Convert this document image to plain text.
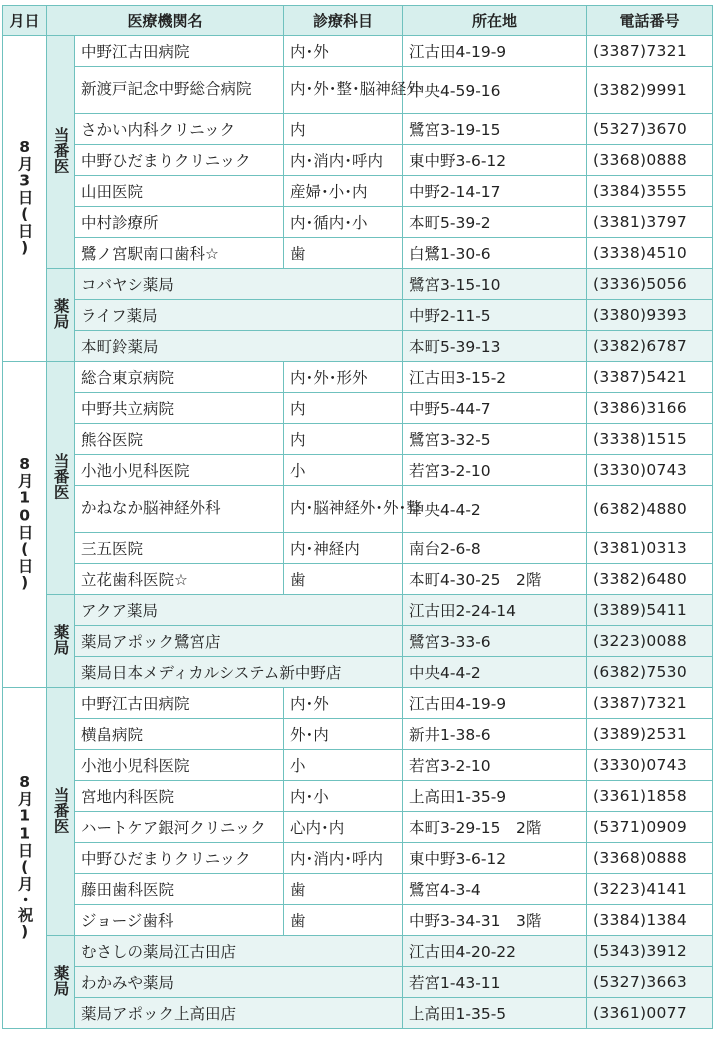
月日	医療機関名		診療科目	所在地	電話番号
8月3日(日)	当番医	中野江古田病院	内･外	江古田4-19-9	(3387)7321
		新渡戸記念中野総合病院	内･外･整･脳神経外	中央4-59-16	(3382)9991
		さかい内科クリニック	内	鷺宮3-19-15	(5327)3670
		中野ひだまりクリニック	内･消内･呼内	東中野3-6-12	(3368)0888
		山田医院	産婦･小･内	中野2-14-17	(3384)3555
		中村診療所	内･循内･小	本町5-39-2	(3381)3797
		鷺ノ宮駅南口歯科☆	歯	白鷺1-30-6	(3338)4510
	薬局	コバヤシ薬局		鷺宮3-15-10	(3336)5056
		ライフ薬局		中野2-11-5	(3380)9393
		本町鈴薬局		本町5-39-13	(3382)6787
8月10日(日)	当番医	総合東京病院	内･外･形外	江古田3-15-2	(3387)5421
		中野共立病院	内	中野5-44-7	(3386)3166
		熊谷医院	内	鷺宮3-32-5	(3338)1515
		小池小児科医院	小	若宮3-2-10	(3330)0743
		かねなか脳神経外科	内･脳神経外･外･整	中央4-4-2	(6382)4880
		三五医院	内･神経内	南台2-6-8	(3381)0313
		立花歯科医院☆	歯	本町4-30-25　2階	(3382)6480
	薬局	アクア薬局		江古田2-24-14	(3389)5411
		薬局アポック鷺宮店		鷺宮3-33-6	(3223)0088
		薬局日本メディカルシステム新中野店		中央4-4-2	(6382)7530
8月11日(月･祝)	当番医	中野江古田病院	内･外	江古田4-19-9	(3387)7321
		横畠病院	外･内	新井1-38-6	(3389)2531
		小池小児科医院	小	若宮3-2-10	(3330)0743
		宮地内科医院	内･小	上高田1-35-9	(3361)1858
		ハートケア銀河クリニック	心内･内	本町3-29-15　2階	(5371)0909
		中野ひだまりクリニック	内･消内･呼内	東中野3-6-12	(3368)0888
		藤田歯科医院	歯	鷺宮4-3-4	(3223)4141
		ジョージ歯科	歯	中野3-34-31　3階	(3384)1384
	薬局	むさしの薬局江古田店		江古田4-20-22	(5343)3912
		わかみや薬局		若宮1-43-11	(5327)3663
		薬局アポック上高田店		上高田1-35-5	(3361)0077
